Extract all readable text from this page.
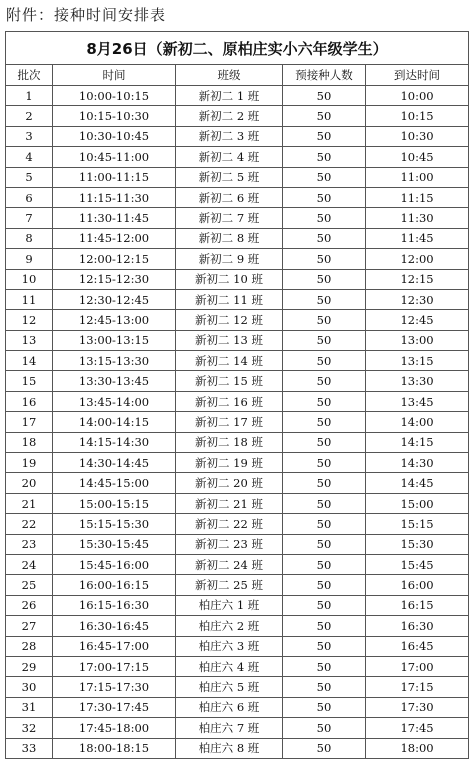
附件：接种时间安排表
8月26日（新初二、原柏庄实小六年级学生）				
批次	时间	班级	预接种人数	到达时间
1	10:00-10:15	新初二 1 班	50	10:00
2	10:15-10:30	新初二 2 班	50	10:15
3	10:30-10:45	新初二 3 班	50	10:30
4	10:45-11:00	新初二 4 班	50	10:45
5	11:00-11:15	新初二 5 班	50	11:00
6	11:15-11:30	新初二 6 班	50	11:15
7	11:30-11:45	新初二 7 班	50	11:30
8	11:45-12:00	新初二 8 班	50	11:45
9	12:00-12:15	新初二 9 班	50	12:00
10	12:15-12:30	新初二 10 班	50	12:15
11	12:30-12:45	新初二 11 班	50	12:30
12	12:45-13:00	新初二 12 班	50	12:45
13	13:00-13:15	新初二 13 班	50	13:00
14	13:15-13:30	新初二 14 班	50	13:15
15	13:30-13:45	新初二 15 班	50	13:30
16	13:45-14:00	新初二 16 班	50	13:45
17	14:00-14:15	新初二 17 班	50	14:00
18	14:15-14:30	新初二 18 班	50	14:15
19	14:30-14:45	新初二 19 班	50	14:30
20	14:45-15:00	新初二 20 班	50	14:45
21	15:00-15:15	新初二 21 班	50	15:00
22	15:15-15:30	新初二 22 班	50	15:15
23	15:30-15:45	新初二 23 班	50	15:30
24	15:45-16:00	新初二 24 班	50	15:45
25	16:00-16:15	新初二 25 班	50	16:00
26	16:15-16:30	柏庄六 1 班	50	16:15
27	16:30-16:45	柏庄六 2 班	50	16:30
28	16:45-17:00	柏庄六 3 班	50	16:45
29	17:00-17:15	柏庄六 4 班	50	17:00
30	17:15-17:30	柏庄六 5 班	50	17:15
31	17:30-17:45	柏庄六 6 班	50	17:30
32	17:45-18:00	柏庄六 7 班	50	17:45
33	18:00-18:15	柏庄六 8 班	50	18:00
